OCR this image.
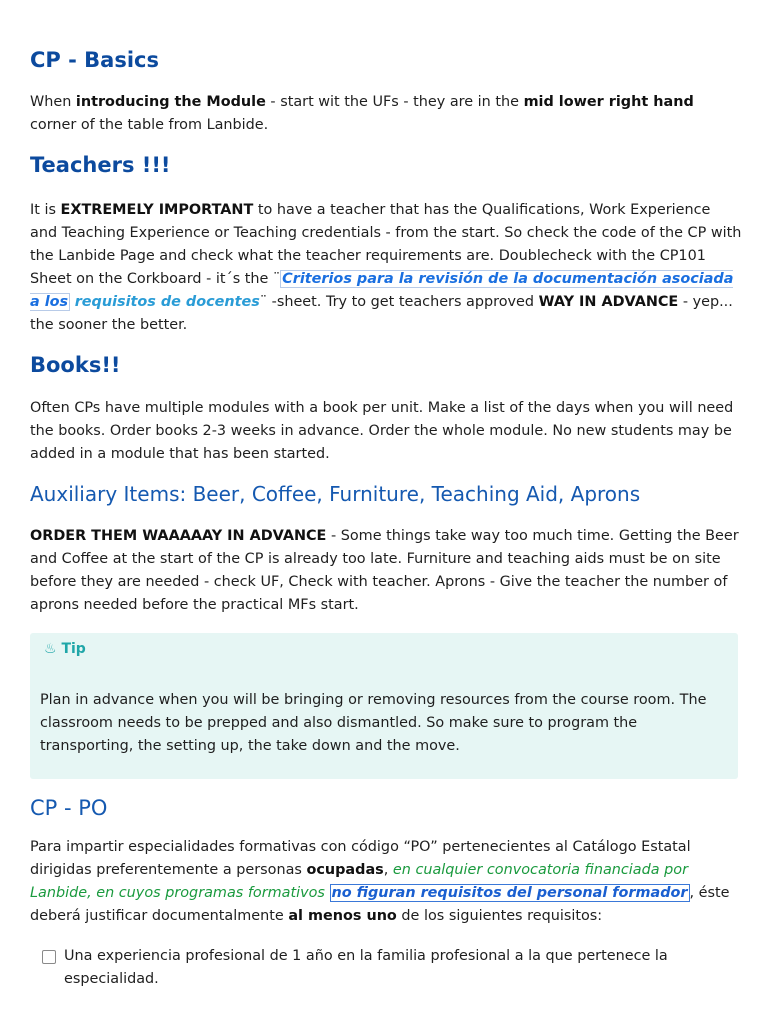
CP - Basics

When introducing the Module - start wit the UFs - they are in the mid lower right hand corner of the table from Lanbide.

Teachers !!!

It is EXTREMELY IMPORTANT to have a teacher that has the Qualifications, Work Experience and Teaching Experience or Teaching credentials - from the start. So check the code of the CP with the Lanbide Page and check what the teacher requirements are. Doublecheck with the CP101 Sheet on the Corkboard - it´s the ¨ Criterios para la revisión de la documentación asociada a los requisitos de docentes¨ -sheet. Try to get teachers approved WAY IN ADVANCE - yep... the sooner the better.

Books!!

Often CPs have multiple modules with a book per unit. Make a list of the days when you will need the books. Order books 2-3 weeks in advance. Order the whole module. No new students may be added in a module that has been started.

Auxiliary Items: Beer, Coffee, Furniture, Teaching Aid, Aprons

ORDER THEM WAAAAAY IN ADVANCE - Some things take way too much time. Getting the Beer and Coffee at the start of the CP is already too late. Furniture and teaching aids must be on site before they are needed - check UF, Check with teacher. Aprons - Give the teacher the number of aprons needed before the practical MFs start.

♨ Tip

Plan in advance when you will be bringing or removing resources from the course room. The classroom needs to be prepped and also dismantled. So make sure to program the transporting, the setting up, the take down and the move.

CP - PO

Para impartir especialidades formativas con código “PO” pertenecientes al Catálogo Estatal dirigidas preferentemente a personas ocupadas, en cualquier convocatoria financiada por Lanbide, en cuyos programas formativos no figuran requisitos del personal formador , éste deberá justificar documentalmente al menos uno de los siguientes requisitos:

Una experiencia profesional de 1 año en la familia profesional a la que pertenece la especialidad.
